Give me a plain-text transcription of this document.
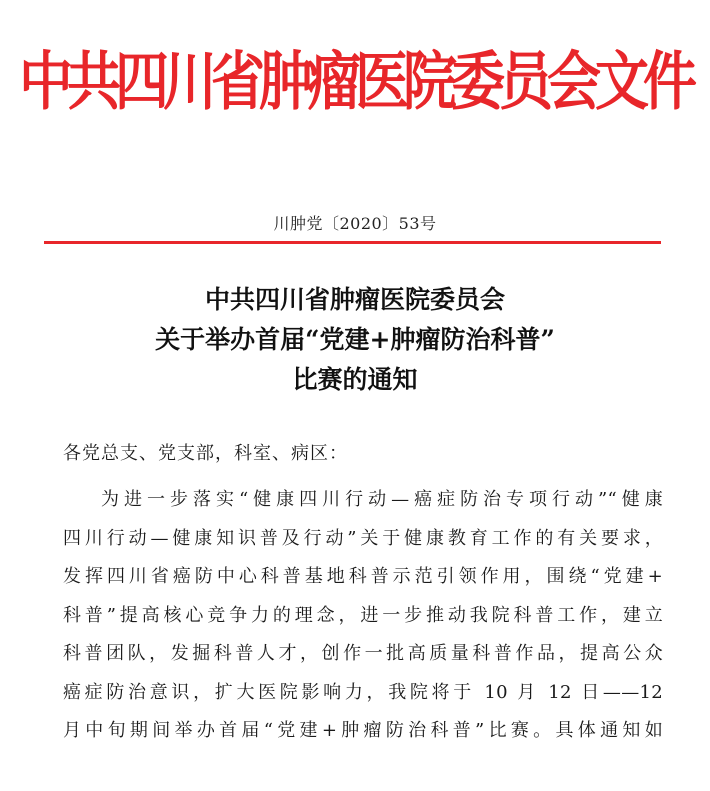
中共四川省肿瘤医院委员会文件
川肿党〔2020〕53号
中共四川省肿瘤医院委员会
关于举办首届“党建+肿瘤防治科普”
比赛的通知
各党总支、党支部，科室、病区：
为进一步落实“健康四川行动—癌症防治专项行动”“健康
四川行动—健康知识普及行动”关于健康教育工作的有关要求，
发挥四川省癌防中心科普基地科普示范引领作用，围绕“党建+
科普”提高核心竞争力的理念，进一步推动我院科普工作，建立
科普团队，发掘科普人才，创作一批高质量科普作品，提高公众
癌症防治意识，扩大医院影响力，我院将于 10 月 12 日——12
月中旬期间举办首届“党建+肿瘤防治科普”比赛。具体通知如
